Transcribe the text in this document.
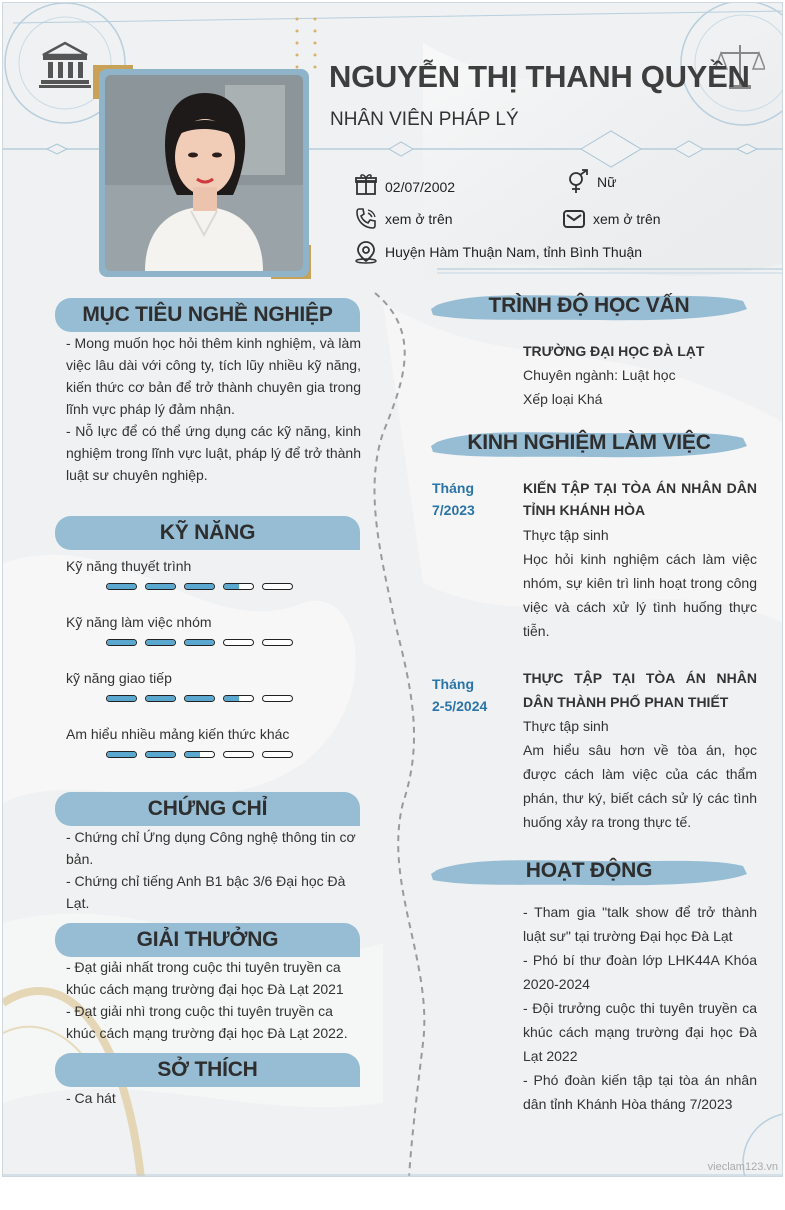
NGUYỄN THỊ THANH QUYỀN
NHÂN VIÊN PHÁP LÝ
02/07/2002	Nữ
xem ở trên	xem ở trên
Huyện Hàm Thuận Nam, tỉnh Bình Thuận
MỤC TIÊU NGHỀ NGHIỆP

- Mong muốn học hỏi thêm kinh nghiệm, và làm việc lâu dài với công ty, tích lũy nhiều kỹ năng, kiến thức cơ bản để trở thành chuyên gia trong lĩnh vực pháp lý đảm nhận.

- Nỗ lực để có thể ứng dụng các kỹ năng, kinh nghiệm trong lĩnh vực luật, pháp lý để trở thành luật sư chuyên nghiệp.

KỸ NĂNG
Kỹ năng thuyết trình
Kỹ năng làm việc nhóm
kỹ năng giao tiếp
Am hiểu nhiều mảng kiến thức khác
CHỨNG CHỈ

- Chứng chỉ Ứng dụng Công nghệ thông tin cơ bản.

- Chứng chỉ tiếng Anh B1 bậc 3/6 Đại học Đà Lạt.

GIẢI THƯỞNG

- Đạt giải nhất trong cuộc thi tuyên truyền ca khúc cách mạng trường đại học Đà Lạt 2021

- Đạt giải nhì trong cuộc thi tuyên truyền ca khúc cách mạng trường đại học Đà Lạt 2022.

SỞ THÍCH

- Ca hát

TRÌNH ĐỘ HỌC VẤN
TRƯỜNG ĐẠI HỌC ĐÀ LẠT
Chuyên ngành: Luật học
Xếp loại Khá
KINH NGHIỆM LÀM VIỆC
Tháng
7/2023
KIẾN TẬP TẠI TÒA ÁN NHÂN DÂN TỈNH KHÁNH HÒA
Thực tập sinh
Học hỏi kinh nghiệm cách làm việc nhóm, sự kiên trì linh hoạt trong công việc và cách xử lý tình huống thực tiễn.
Tháng
2-5/2024
THỰC TẬP TẠI TÒA ÁN NHÂN DÂN THÀNH PHỐ PHAN THIẾT
Thực tập sinh
Am hiểu sâu hơn về tòa án, học được cách làm việc của các thẩm phán, thư ký, biết cách sử lý các tình huống xảy ra trong thực tế.
HOẠT ĐỘNG

- Tham gia "talk show để trở thành luật sư" tại trường Đại học Đà Lạt

- Phó bí thư đoàn lớp LHK44A Khóa 2020-2024

- Đội trưởng cuộc thi tuyên truyền ca khúc cách mạng trường đại học Đà Lạt 2022

- Phó đoàn kiến tập tại tòa án nhân dân tỉnh Khánh Hòa tháng 7/2023

vieclam123.vn
